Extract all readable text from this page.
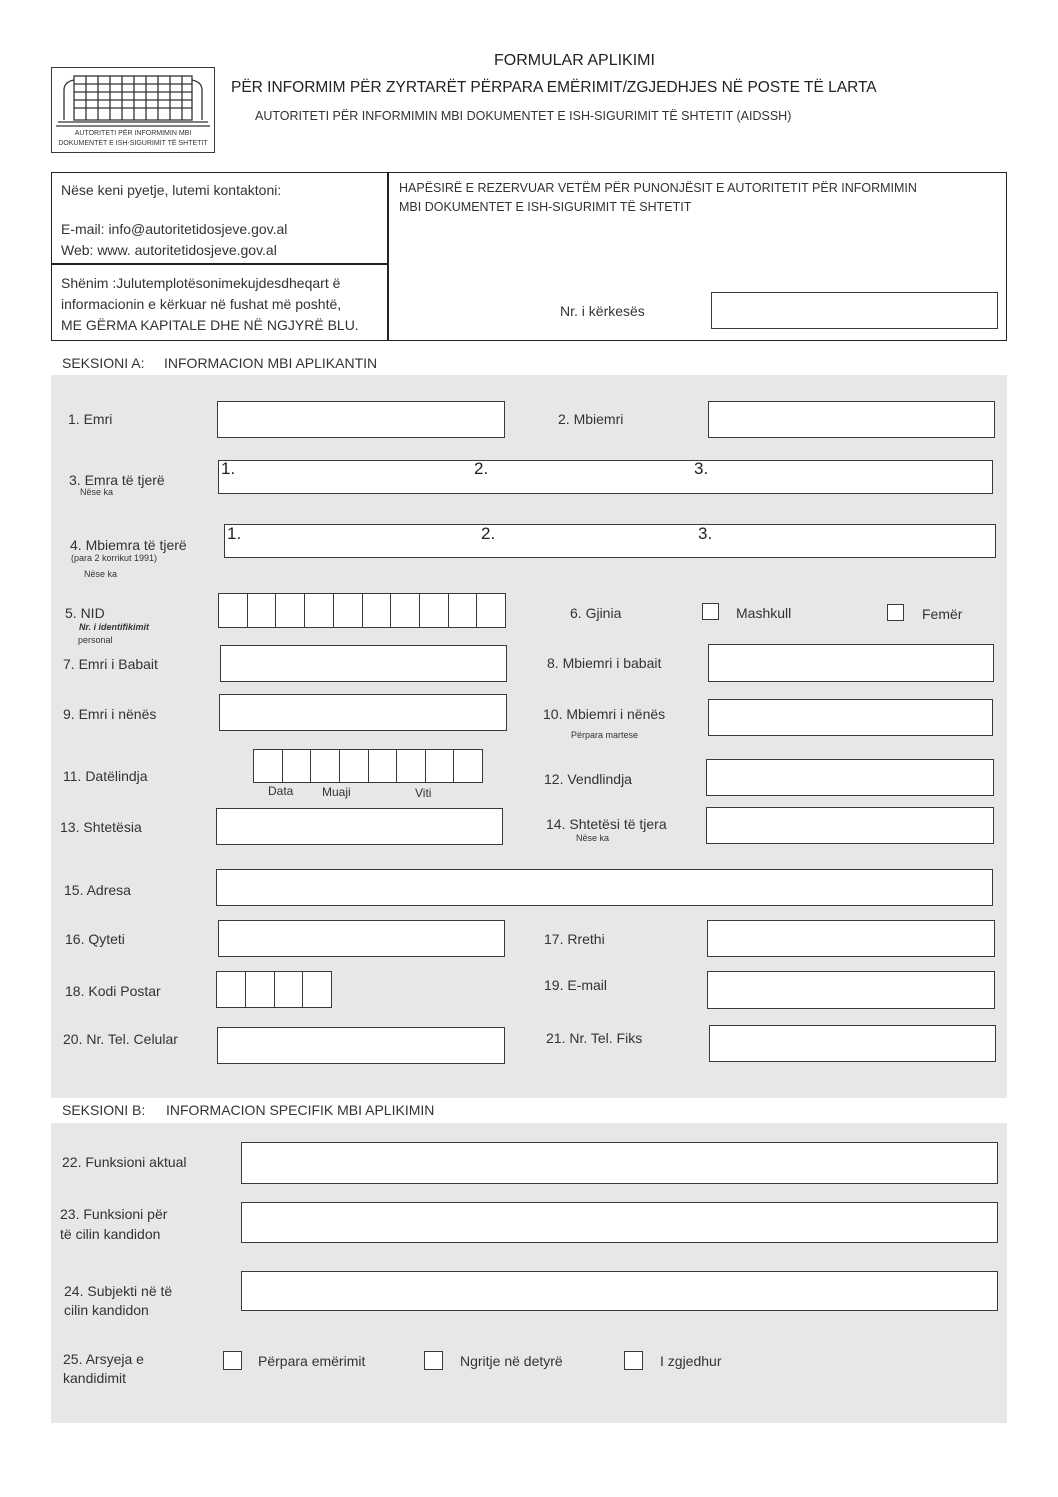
AUTORITETI PËR INFORMIMIN MBI
DOKUMENTET E ISH-SIGURIMIT TË SHTETIT
FORMULAR APLIKIMI
PËR INFORMIM PËR ZYRTARËT PËRPARA EMËRIMIT/ZGJEDHJES NË POSTE TË LARTA
AUTORITETI PËR INFORMIMIN MBI DOKUMENTET E ISH-SIGURIMIT TË SHTETIT (AIDSSH)
Nëse keni pyetje, lutemi kontaktoni:
E-mail: info@autoritetidosjeve.gov.al
Web: www. autoritetidosjeve.gov.al
Shënim :Julutemplotësonimekujdesdheqart ë
informacionin e kërkuar në fushat më poshtë,
ME GËRMA KAPITALE DHE NË NGJYRË BLU.
HAPËSIRË E REZERVUAR VETËM PËR PUNONJËSIT E AUTORITETIT PËR INFORMIMIN
MBI DOKUMENTET E ISH-SIGURIMIT TË SHTETIT
Nr. i kërkesës
SEKSIONI A: INFORMACION MBI APLIKANTIN
1. Emri	2. Mbiemri
3. Emra të tjerë
Nëse ka
1.	2.	3.
4. Mbiemra të tjerë
(para 2 korrikut 1991)
Nëse ka
1.	2.	3.
5. NID
Nr. i identifikimit
personal
6. Gjinia	Mashkull	Femër
7. Emri i Babait	8. Mbiemri i babait
9. Emri i nënës	10. Mbiemri i nënës
Përpara martese
11. Datëlindja
Data Muaji	Viti
12. Vendlindja
13. Shtetësia	14. Shtetësi të tjera
Nëse ka
15. Adresa
16. Qyteti	17. Rrethi
18. Kodi Postar	19. E-mail
20. Nr. Tel. Celular	21. Nr. Tel. Fiks
SEKSIONI B: INFORMACION SPECIFIK MBI APLIKIMIN
22. Funksioni aktual
23. Funksioni për
të cilin kandidon
24. Subjekti në të
cilin kandidon
25. Arsyeja e
kandidimit
Përpara emërimit	Ngritje në detyrë	I zgjedhur
